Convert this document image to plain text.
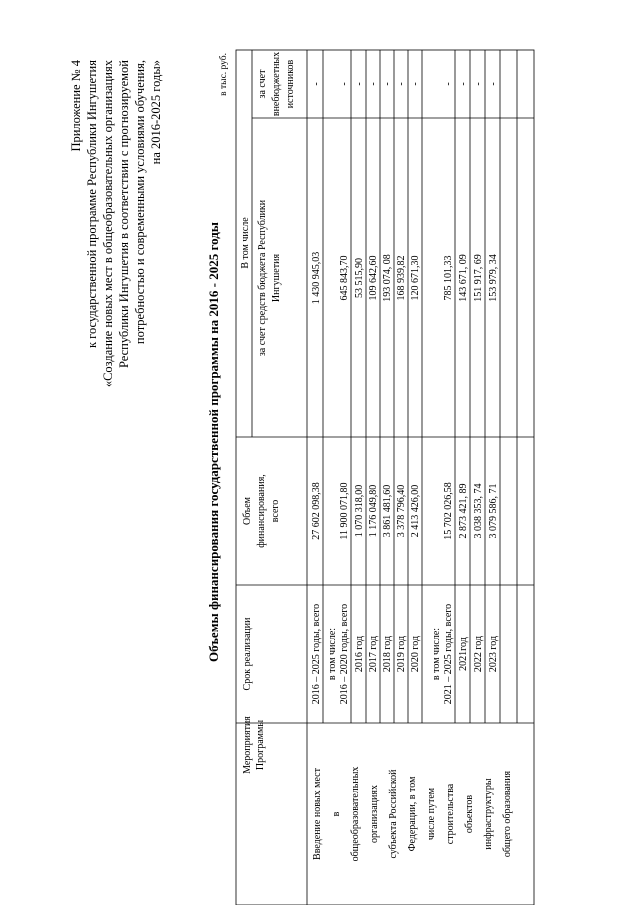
Приложение № 4 к государственной программе Республики Ингушетия «Создание новых мест в общеобразовательных организациях Республики Ингушетия в соответствии с прогнозируемой потребностью и современными условиями обучения, на 2016-2025 годы»
Объемы финансирования государственной программы на 2016 - 2025 годы
в тыс. руб.
Мероприятия Программы
Срок реализации
Объем финансирования, всего
В том числе за счет средств бюджета Республики Ингушетия
за счет внебюджетных источников
Введение новых мест в общеобразовательных организациях субъекта Российской Федерации, в том числе путем строительства объектов инфраструктуры общего образования
2016 – 2025 годы, всего
27 602 098,38
1 430 945,03
-
в том числе: 2016 – 2020 годы, всего
11 900 071,80
645 843,70
-
2016 год
1 070 318,00
53 515,90
-
2017 год
1 176 049,80
109 642,60
-
2018 год
3 861 481,60
193 074, 08
-
2019 год
3 378 796,40
168 939,82
-
2020 год
2 413 426,00
120 671,30
-
в том числе: 2021 – 2025 годы, всего
15 702 026,58
785 101,33
-
2021год
2 873 421, 89
143 671, 09
-
2022 год
3 038 353, 74
151 917, 69
-
2023 год
3 079 586, 71
153 979, 34
-
